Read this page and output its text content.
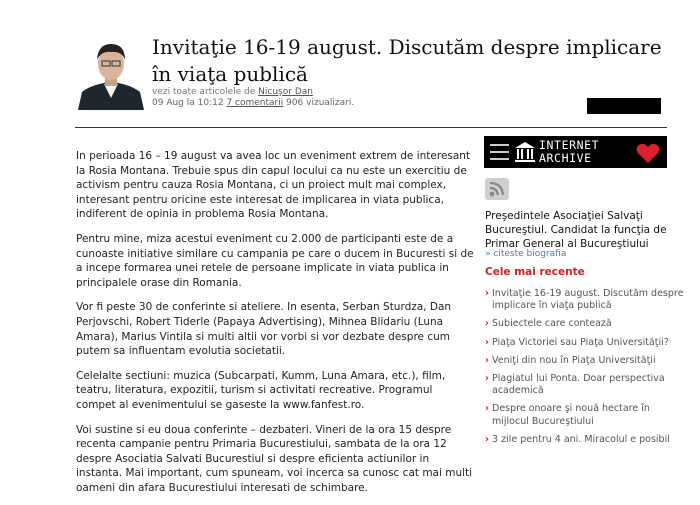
Invitaţie 16-19 august. Discutăm despre implicare în viaţa publică
vezi toate articolele de Nicuşor Dan
09 Aug la 10:12 7 comentarii 906 vizualizari.

In perioada 16 – 19 august va avea loc un eveniment extrem de interesant la Rosia Montana. Trebuie spus din capul locului ca nu este un exercitiu de activism pentru cauza Rosia Montana, ci un proiect mult mai complex, interesant pentru oricine este interesat de implicarea in viata publica, indiferent de opinia in problema Rosia Montana.

Pentru mine, miza acestui eveniment cu 2.000 de participanti este de a cunoaste initiative similare cu campania pe care o ducem in Bucuresti si de a incepe formarea unei retele de persoane implicate in viata publica in principalele orase din Romania.

Vor fi peste 30 de conferinte si ateliere. In esenta, Serban Sturdza, Dan Perjovschi, Robert Tiderle (Papaya Advertising), Mihnea Blidariu (Luna Amara), Marius Vintila si multi altii vor vorbi si vor dezbate despre cum putem sa influentam evolutia societatii.

Celelalte sectiuni: muzica (Subcarpati, Kumm, Luna Amara, etc.), film, teatru, literatura, expozitii, turism si activitati recreative. Programul compet al evenimentului se gaseste la www.fanfest.ro.

Voi sustine si eu doua conferinte – dezbateri. Vineri de la ora 15 despre recenta campanie pentru Primaria Bucurestiului, sambata de la ora 12 despre Asociatia Salvati Bucurestiul si despre eficienta actiunilor in instanta. Mai important, cum spuneam, voi incerca sa cunosc cat mai multi oameni din afara Bucurestiului interesati de schimbare.

INTERNET
ARCHIVE
Preşedintele Asociaţiei Salvaţi Bucureştiul. Candidat la funcţia de Primar General al Bucureştiului
» citeste biografia
Cele mai recente
› Invitaţie 16-19 august. Discutăm despre implicare în viaţa publică
› Subiectele care contează
› Piaţa Victoriei sau Piaţa Universităţii?
› Veniţi din nou în Piaţa Universităţii
› Plagiatul lui Ponta. Doar perspectiva academică
› Despre onoare şi nouă hectare în mijlocul Bucureştiului
› 3 zile pentru 4 ani. Miracolul e posibil
